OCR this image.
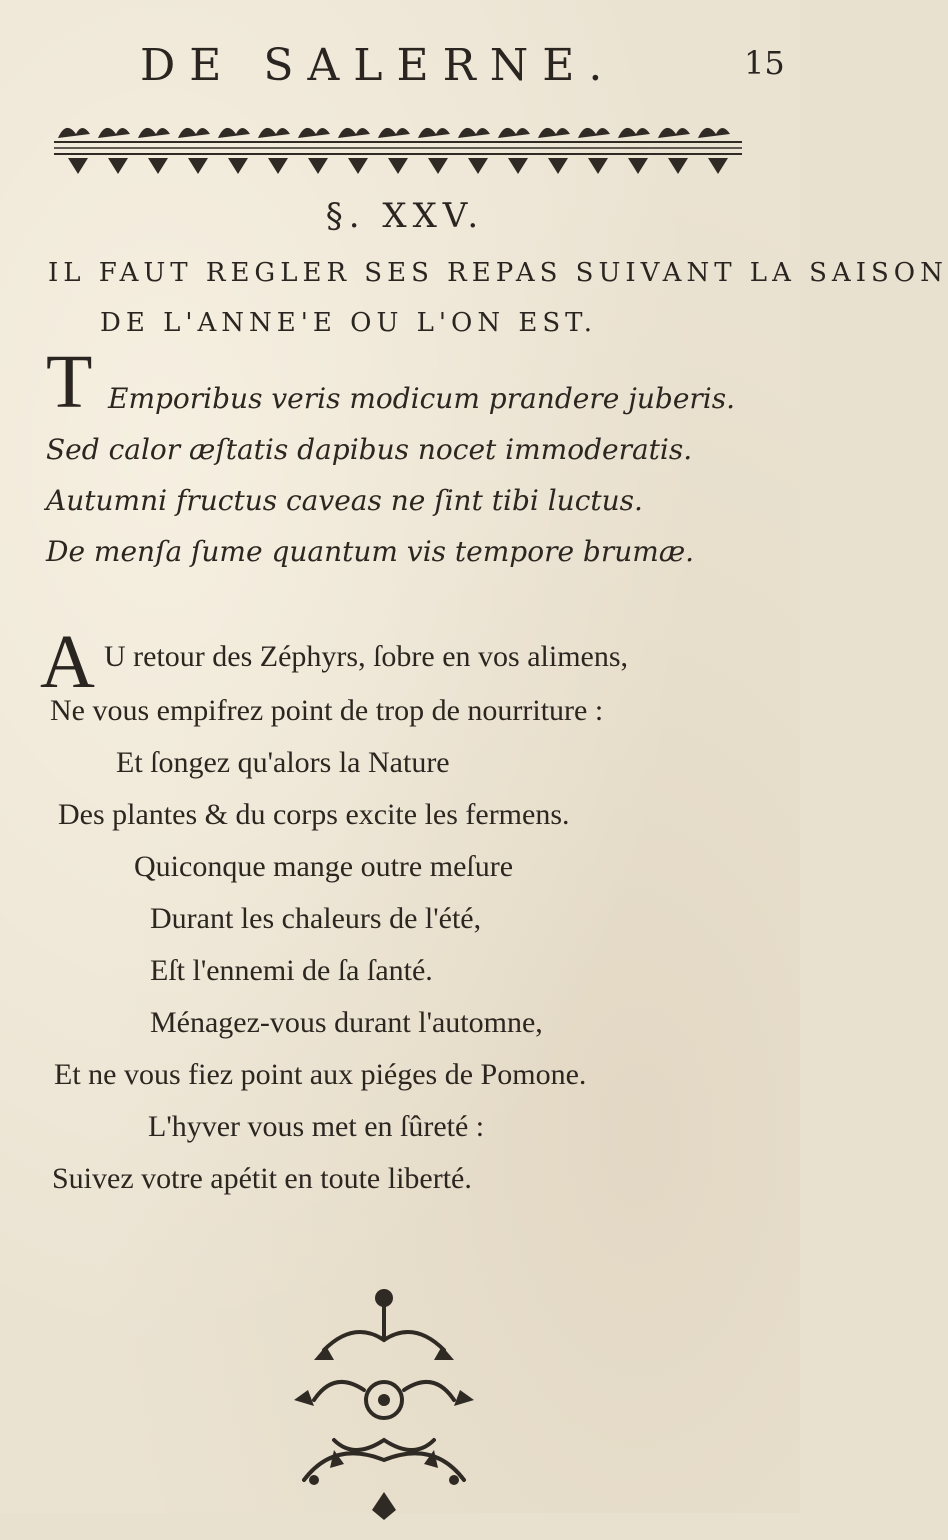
DE SALERNE.	15
§. XXV.
IL FAUT REGLER SES REPAS SUIVANT LA SAISON
DE L'ANNE'E OU L'ON EST.
T Emporibus veris modicum prandere juberis.
Sed calor æſtatis dapibus nocet immoderatis.
Autumni fructus caveas ne ſint tibi luctus.
De menſa ſume quantum vis tempore brumæ.
A U retour des Zéphyrs, ſobre en vos alimens,
Ne vous empifrez point de trop de nourriture :
Et ſongez qu'alors la Nature
Des plantes & du corps excite les fermens.
Quiconque mange outre meſure
Durant les chaleurs de l'été,
Eſt l'ennemi de ſa ſanté.
Ménagez-vous durant l'automne,
Et ne vous fiez point aux piéges de Pomone.
L'hyver vous met en ſûreté :
Suivez votre apétit en toute liberté.
